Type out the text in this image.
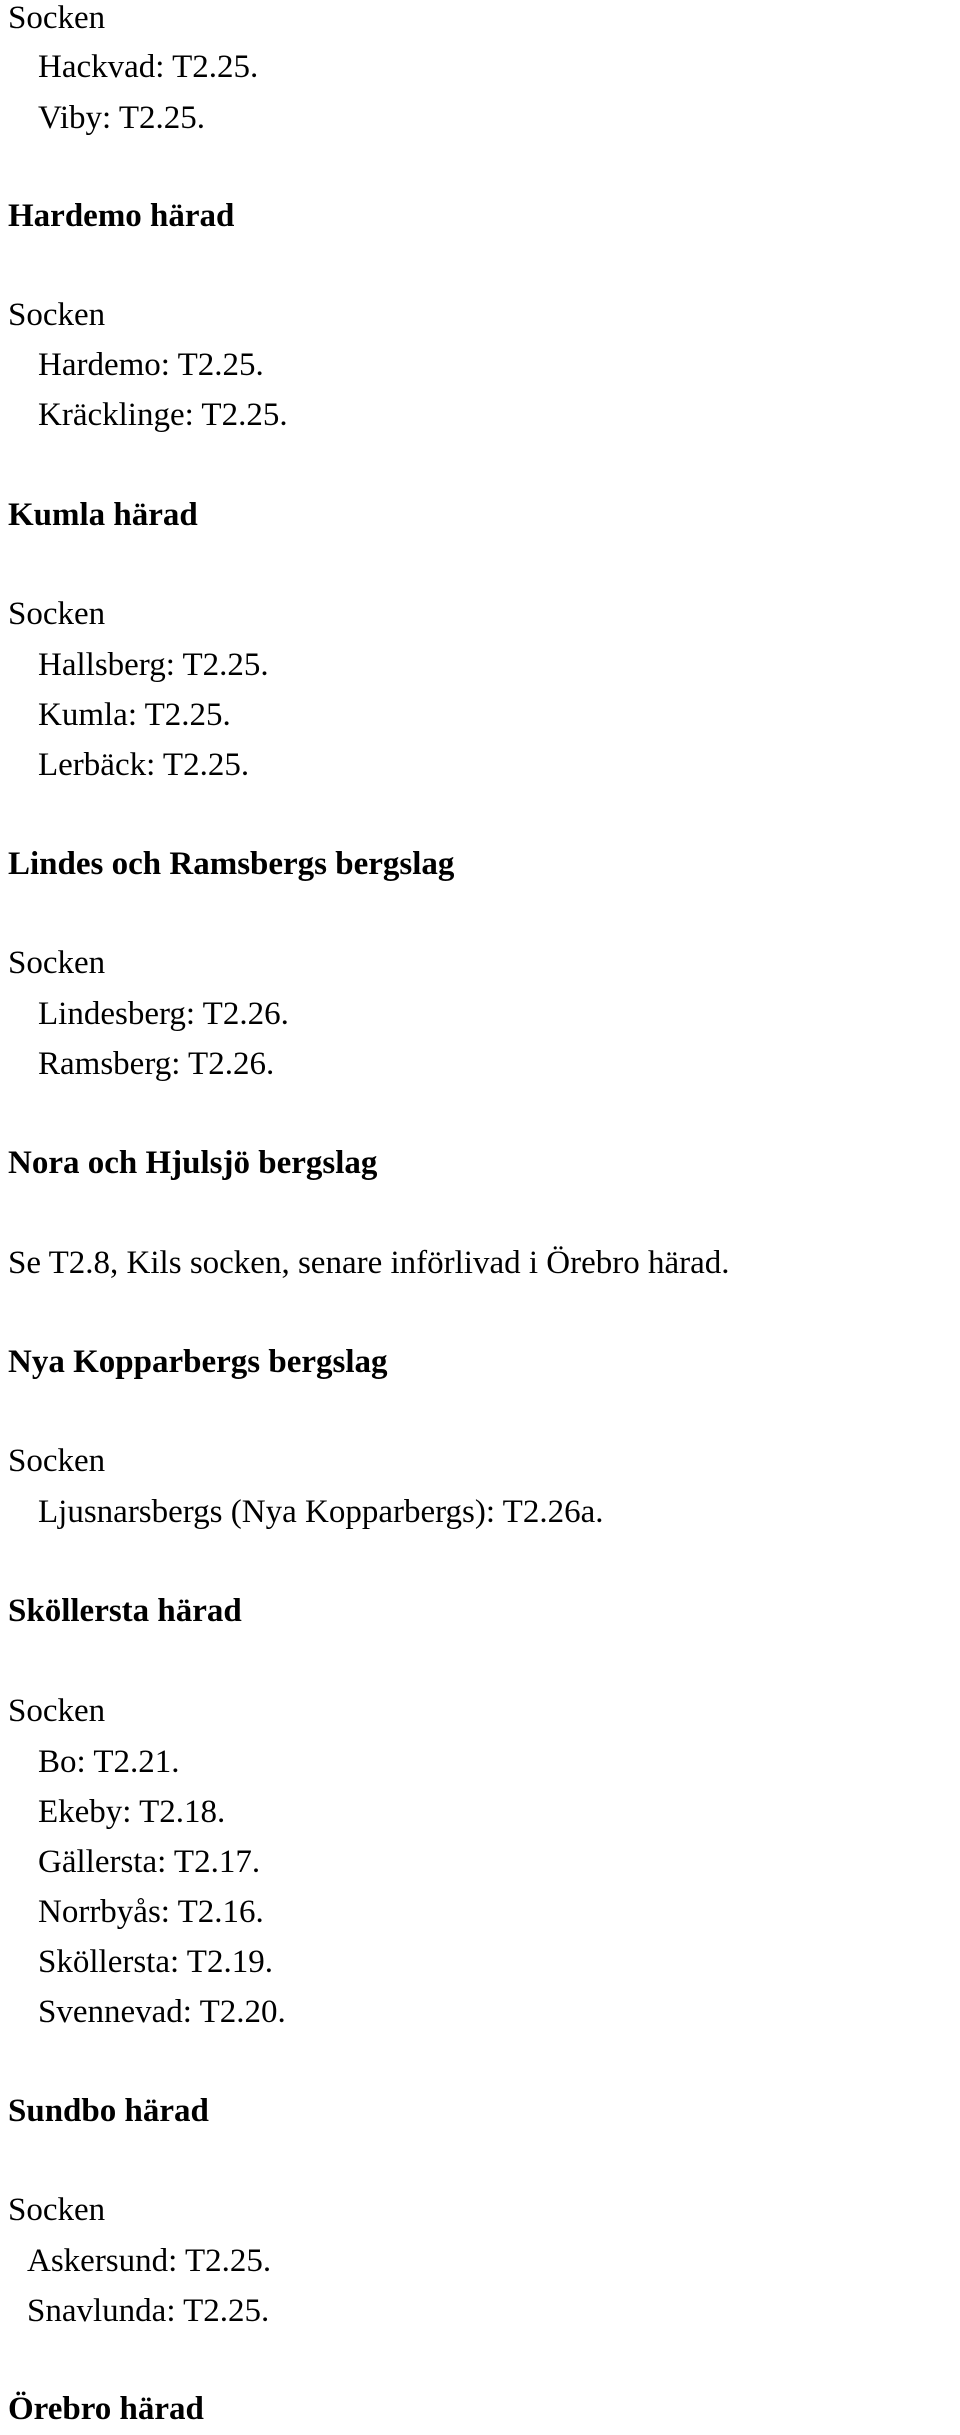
Socken
Hackvad: T2.25.
Viby: T2.25.
Hardemo härad
Socken
Hardemo: T2.25.
Kräcklinge: T2.25.
Kumla härad
Socken
Hallsberg: T2.25.
Kumla: T2.25.
Lerbäck: T2.25.
Lindes och Ramsbergs bergslag
Socken
Lindesberg: T2.26.
Ramsberg: T2.26.
Nora och Hjulsjö bergslag
Se T2.8, Kils socken, senare införlivad i Örebro härad.
Nya Kopparbergs bergslag
Socken
Ljusnarsbergs (Nya Kopparbergs): T2.26a.
Sköllersta härad
Socken
Bo: T2.21.
Ekeby: T2.18.
Gällersta: T2.17.
Norrbyås: T2.16.
Sköllersta: T2.19.
Svennevad: T2.20.
Sundbo härad
Socken
Askersund: T2.25.
Snavlunda: T2.25.
Örebro härad
